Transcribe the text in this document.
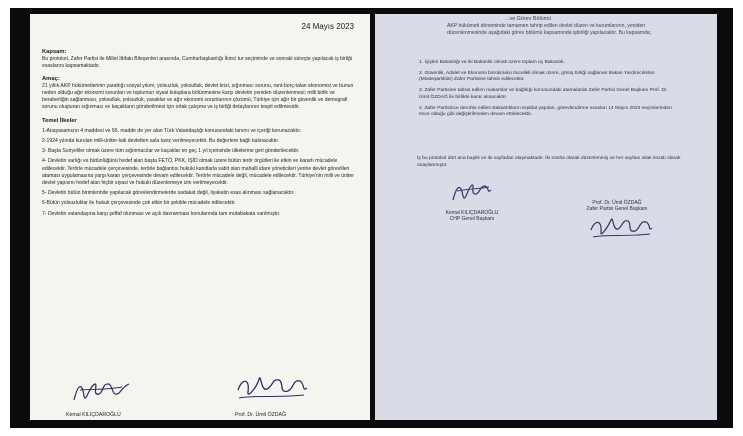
24 Mayıs 2023
Kapsam:

Bu protokol, Zafer Partisi ile Millet İttifakı Bileşenleri arasında, Cumhurbaşkanlığı İkinci tur seçiminde ve sonraki süreçte yapılacak iş birliği esaslarını kapsamaktadır.

Amaç:

21 yıllık AKP hükümetlerinin yarattığı sosyal yıkım, yolsuzluk, yoksulluk, devlet krizi, sığınmacı sorunu, rant-borç-talan ekonomisi ve bunun neden olduğu ağır ekonomi sorunları ve toplumun siyasi kutuplara bölünmesine karşı devletin yeniden düzenlenmesi; milli birlik ve beraberliğin sağlanması, yoksulluk, yolsuzluk, yasaklar ve ağır ekonomi sorunlarının çözümü, Türkiye için ağır bir güvenlik ve demografi sorunu oluşturan sığınmacı ve kaçakların gönderilmesi için ortak çalışma ve iş birliği detaylarının tespit edilmesidir.

Temel İlkeler

1-Anayasamızın 4 maddesi ve 66. madde de yer alan Türk Vatandaşlığı konusundaki tanımı ve içeriği korunacaktır.

2-1924 yılında kurulan milli-üniter-laik devletten asla taviz verilmeyecektir. Bu değerlere bağlı kalınacaktır.

3- Başta Suriyeliler olmak üzere tüm sığınmacılar ve kaçaklar en geç 1 yıl içerisinde ülkelerine geri gönderilecektir.

4- Devletin varlığı ve bütünlüğünü hedef alan başta FETÖ, PKK, IŞİD olmak üzere bütün terör örgütleri ile etkin ve kararlı mücadele edilecektir. Terörle mücadele çerçevesinde, terörle bağlantısı hukuki kanıtlarla sabit olan mahalli idare yöneticileri yerine devlet görevlileri ataması uygulamasına yargı kararı çerçevesinde devam edilecektir. Terörle mücadele değil, mücadele edilecektir. Türkiye'nin milli ve üniter devlet yapısını hedef alan hiçbir siyasi ve hukuki düzenlemeye izin verilmeyecektir.

5- Devletin bütün birimlerinde yapılacak görevlendirmelerde sadakat değil, liyakatin esas alınması sağlanacaktır.

6-Bütün yolsuzluklar ile hukuk çerçevesinde çok etkin bir şekilde mücadele edilecektir.

7- Devletin vatandaşına karşı şeffaf olunması ve açık davranması konularında tam mutabakata varılmıştır.

Kemal KILIÇDAROĞLU	Prof. Dr. Ümit ÖZDAĞ
...ve Görev Bölümü

AKP hükümeti döneminde tamamen tahrip edilen devlet düzen ve kurumlarının, yeniden düzenlenmesinde aşağıdaki görev bölümü kapsamında işbirliği yapılacaktır. Bu kapsamda;

1. İçişleri Bakanlığı ve iki Bakanlık olmak üzere toplam üç Bakanlık,

2. Güvenlik, Adalet ve Ekonomi bürokrasisi öncelikli olmak üzere, görüş birliği sağlanan Bakan Yardımcılıkları (Müsteşarlıklar) Zafer Partisine tahsis edilecektir.

3. Zafer Partisine tahsis edilen makamlar ve bağlılığı konusundaki atamalarda Zafer Partisi Genel Başkanı Prof. Dr. Ümit ÖZDAĞ ile birlikte karar alınacaktır.

4. Zafer Partisince deruhte edilen Bakanlıkların teşkilat yapıları, görevlendirme esasları 14 Mayıs 2023 seçimlerinden önce olduğu gibi değiştirilmeden devam ettirilecektir.

İş bu protokol dört ana başlık ve iki sayfadan oluşmaktadır. İki nüsha olarak düzenlenmiş ve her sayfası ıslak imzalı olarak onaylanmıştır.

Kemal KILIÇDAROĞLU
CHP Genel Başkanı
Prof. Dr. Ümit ÖZDAĞ
Zafer Partisi Genel Başkanı
